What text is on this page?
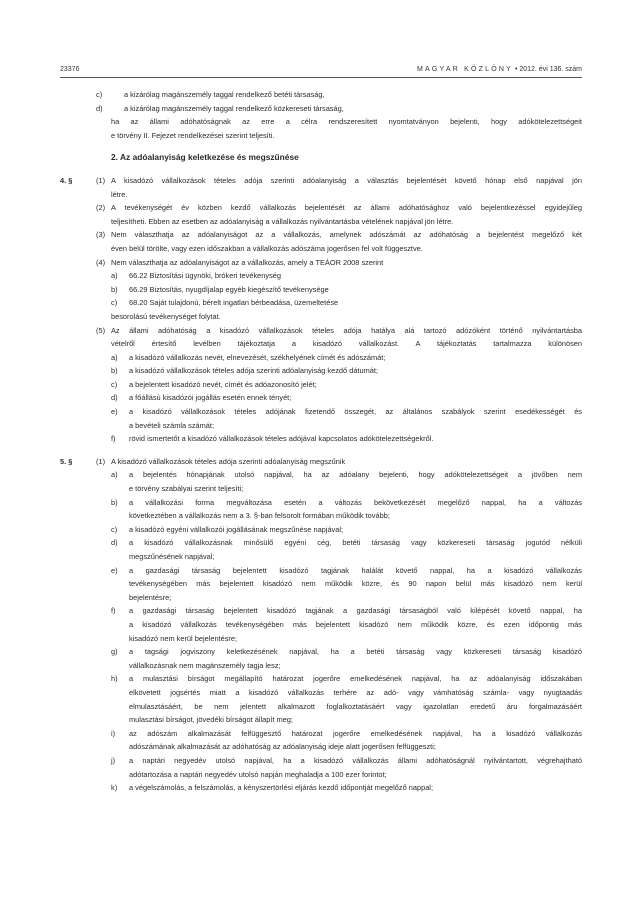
23376	MAGYAR KÖZLÖNY • 2012. évi 136. szám
c)	a kizárólag magánszemély taggal rendelkező betéti társaság,
d)	a kizárólag magánszemély taggal rendelkező közkereseti társaság,
ha az állami adóhatóságnak az erre a célra rendszeresített nyomtatványon bejelenti, hogy adókötelezettségeit
e törvény II. Fejezet rendelkezései szerint teljesíti.
2. Az adóalanyiság keletkezése és megszűnése
4. §	(1) A kisadózó vállalkozások tételes adója szerinti adóalanyiság a választás bejelentését követő hónap első napjával jön
létre.
(2) A tevékenységét év közben kezdő vállalkozás bejelentését az állami adóhatósághoz való bejelentkezéssel egyidejűleg
teljesítheti. Ebben az esetben az adóalanyiság a vállalkozás nyilvántartásba vételének napjával jön létre.
(3) Nem választhatja az adóalanyiságot az a vállalkozás, amelynek adószámát az adóhatóság a bejelentést megelőző két
éven belül törölte, vagy ezen időszakban a vállalkozás adószáma jogerősen fel volt függesztve.
(4) Nem választhatja az adóalanyiságot az a vállalkozás, amely a TEÁOR 2008 szerint
a) 66.22 Biztosítási ügynöki, brókeri tevékenység
b) 66.29 Biztosítás, nyugdíjalap egyéb kiegészítő tevékenysége
c) 68.20 Saját tulajdonú, bérelt ingatlan bérbeadása, üzemeltetése
besorolású tevékenységet folytat.
(5) Az állami adóhatóság a kisadózó vállalkozások tételes adója hatálya alá tartozó adózóként történő nyilvántartásba
vételről értesítő levélben tájékoztatja a kisadózó vállalkozást. A tájékoztatás tartalmazza különösen
a) a kisadózó vállalkozás nevét, elnevezését, székhelyének címét és adószámát;
b) a kisadózó vállalkozások tételes adója szerinti adóalanyiság kezdő dátumát;
c) a bejelentett kisadózó nevét, címét és adóazonosító jelét;
d) a főállású kisadózói jogállás esetén ennek tényét;
e) a kisadózó vállalkozások tételes adójának fizetendő összegét, az általános szabályok szerint esedékességét és
a bevételi számla számát;
f) rövid ismertetőt a kisadózó vállalkozások tételes adójával kapcsolatos adókötelezettségekről.
5. §	(1) A kisadózó vállalkozások tételes adója szerinti adóalanyiság megszűnik
a) a bejelentés hónapjának utolsó napjával, ha az adóalany bejelenti, hogy adókötelezettségeit a jövőben nem
e törvény szabályai szerint teljesíti;
b) a vállalkozási forma megváltozása esetén a változás bekövetkezését megelőző nappal, ha a változás
következtében a vállalkozás nem a 3. §-ban felsorolt formában működik tovább;
c) a kisadózó egyéni vállalkozói jogállásának megszűnése napjával;
d) a kisadózó vállalkozásnak minősülő egyéni cég, betéti társaság vagy közkereseti társaság jogutód nélküli
megszűnésének napjával;
e) a gazdasági társaság bejelentett kisadózó tagjának halálát követő nappal, ha a kisadózó vállalkozás
tevékenységében más bejelentett kisadózó nem működik közre, és 90 napon belül más kisadózó nem kerül
bejelentésre;
f) a gazdasági társaság bejelentett kisadózó tagjának a gazdasági társaságból való kilépését követő nappal, ha
a kisadózó vállalkozás tevékenységében más bejelentett kisadózó nem működik közre, és ezen időpontig más
kisadózó nem kerül bejelentésre;
g) a tagsági jogviszony keletkezésének napjával, ha a betéti társaság vagy közkereseti társaság kisadózó
vállalkozásnak nem magánszemély tagja lesz;
h) a mulasztási bírságot megállapító határozat jogerőre emelkedésének napjával, ha az adóalanyiság időszakában
elkövetett jogsértés miatt a kisadózó vállalkozás terhére az adó- vagy vámhatóság számla- vagy nyugtaadás
elmulasztásáért, be nem jelentett alkalmazott foglalkoztatásáért vagy igazolatlan eredetű áru forgalmazásáért
mulasztási bírságot, jövedéki bírságot állapít meg;
i) az adószám alkalmazását felfüggesztő határozat jogerőre emelkedésének napjával, ha a kisadózó vállalkozás
adószámának alkalmazását az adóhatóság az adóalanyiság ideje alatt jogerősen felfüggeszti;
j) a naptári negyedév utolsó napjával, ha a kisadózó vállalkozás állami adóhatóságnál nyilvántartott, végrehajtható
adótartozása a naptári negyedév utolsó napján meghaladja a 100 ezer forintot;
k) a végelszámolás, a felszámolás, a kényszertörlési eljárás kezdő időpontját megelőző nappal;
